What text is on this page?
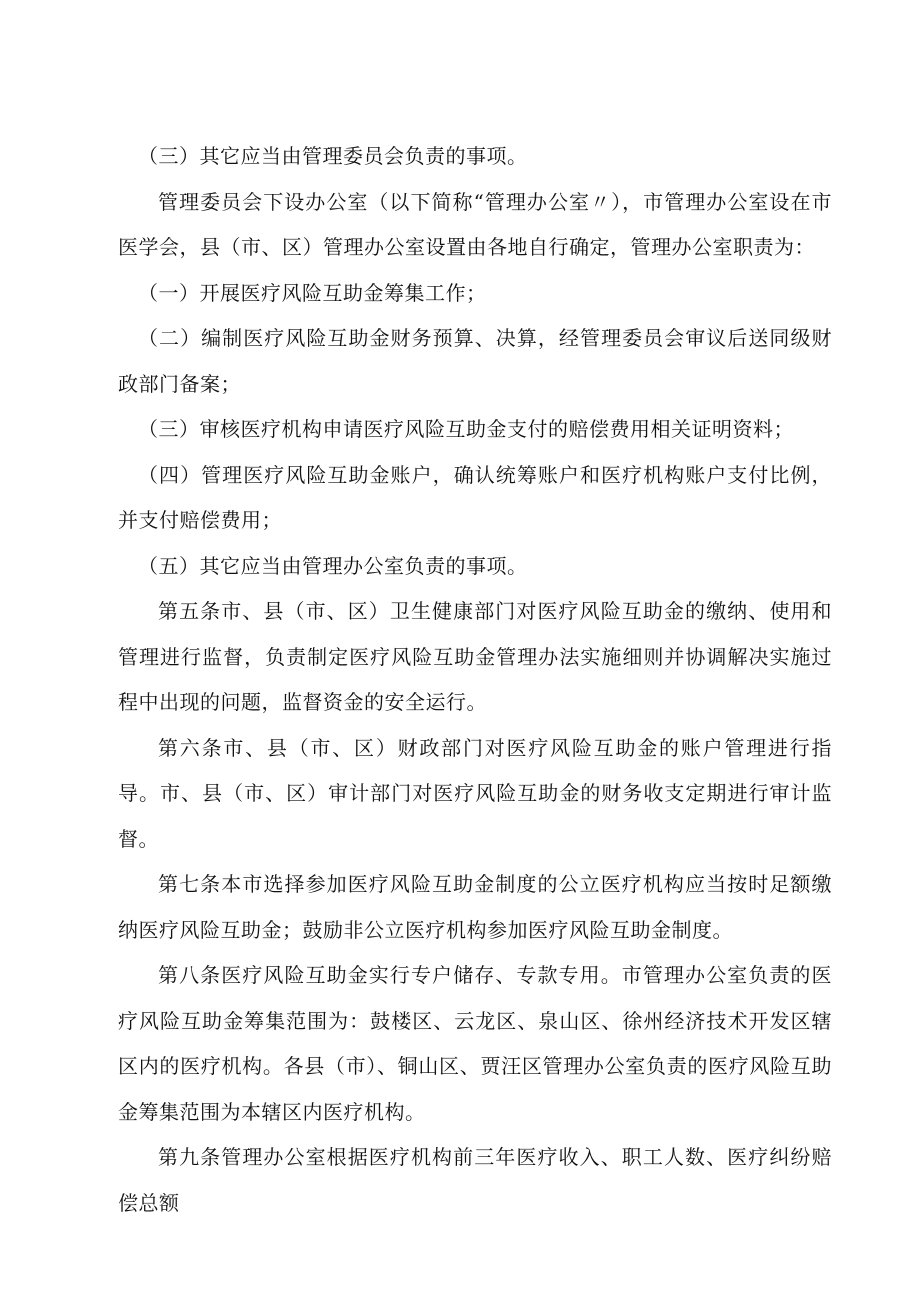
（三）其它应当由管理委员会负责的事项。

管理委员会下设办公室（以下简称“管理办公室〃），市管理办公室设在市医学会，县（市、区）管理办公室设置由各地自行确定，管理办公室职责为：

（一）开展医疗风险互助金筹集工作；

（二）编制医疗风险互助金财务预算、决算，经管理委员会审议后送同级财政部门备案；

（三）审核医疗机构申请医疗风险互助金支付的赔偿费用相关证明资料；

（四）管理医疗风险互助金账户，确认统筹账户和医疗机构账户支付比例，并支付赔偿费用；

（五）其它应当由管理办公室负责的事项。

第五条市、县（市、区）卫生健康部门对医疗风险互助金的缴纳、使用和管理进行监督，负责制定医疗风险互助金管理办法实施细则并协调解决实施过程中出现的问题，监督资金的安全运行。

第六条市、县（市、区）财政部门对医疗风险互助金的账户管理进行指导。市、县（市、区）审计部门对医疗风险互助金的财务收支定期进行审计监督。

第七条本市选择参加医疗风险互助金制度的公立医疗机构应当按时足额缴纳医疗风险互助金；鼓励非公立医疗机构参加医疗风险互助金制度。

第八条医疗风险互助金实行专户储存、专款专用。市管理办公室负责的医疗风险互助金筹集范围为：鼓楼区、云龙区、泉山区、徐州经济技术开发区辖区内的医疗机构。各县（市）、铜山区、贾汪区管理办公室负责的医疗风险互助金筹集范围为本辖区内医疗机构。

第九条管理办公室根据医疗机构前三年医疗收入、职工人数、医疗纠纷赔偿总额
